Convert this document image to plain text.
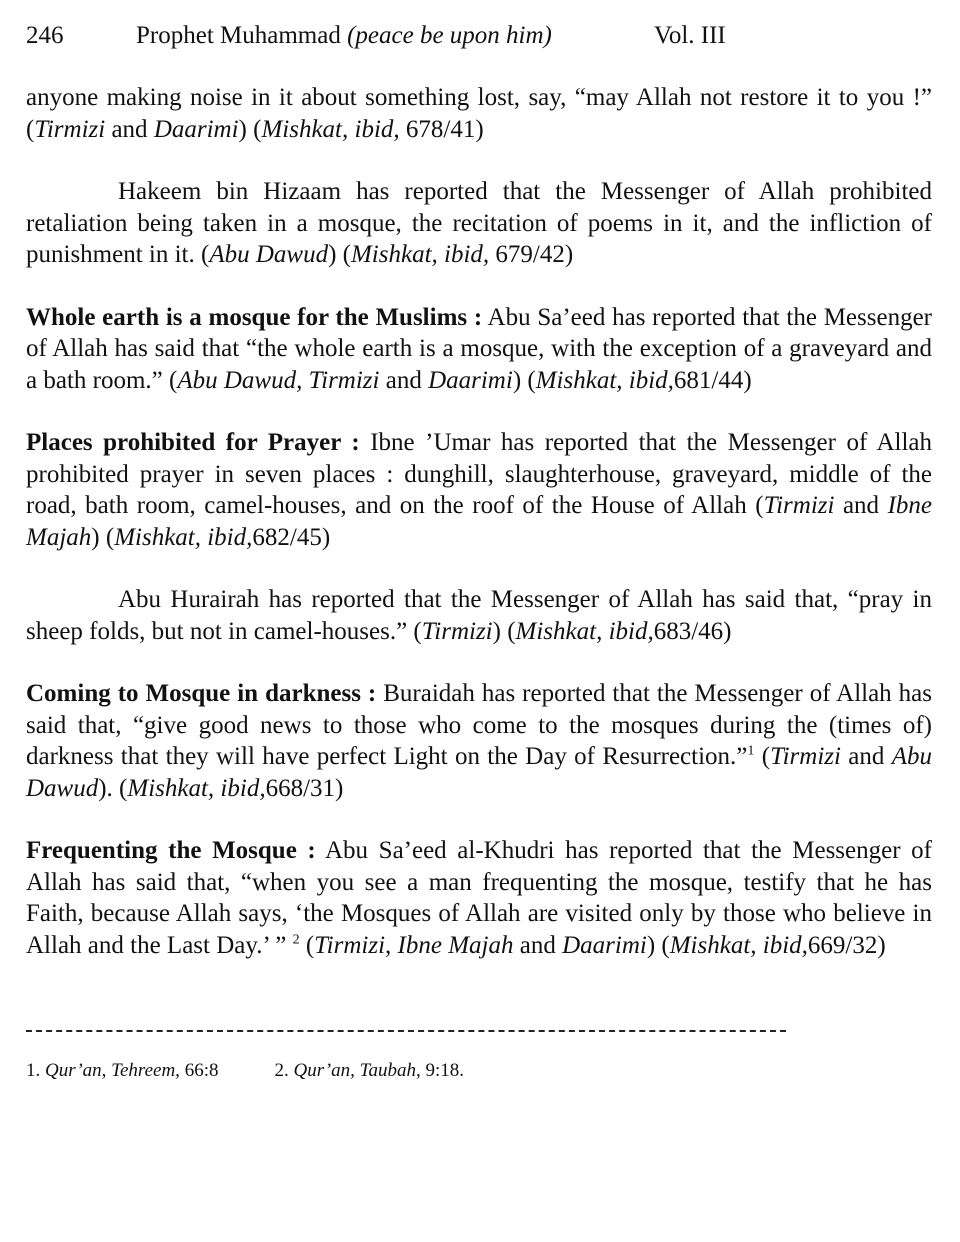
246	Prophet Muhammad (peace be upon him)	Vol. III

anyone making noise in it about something lost, say, “may Allah not restore it to you !” (Tirmizi and Daarimi) (Mishkat, ibid, 678/41)

Hakeem bin Hizaam has reported that the Messenger of Allah prohibited retaliation being taken in a mosque, the recitation of poems in it, and the infliction of punishment in it. (Abu Dawud) (Mishkat, ibid, 679/42)

Whole earth is a mosque for the Muslims : Abu Sa’eed has reported that the Messenger of Allah has said that “the whole earth is a mosque, with the exception of a graveyard and a bath room.” (Abu Dawud, Tirmizi and Daarimi) (Mishkat, ibid,681/44)

Places prohibited for Prayer : Ibne ’Umar has reported that the Messenger of Allah prohibited prayer in seven places : dunghill, slaughterhouse, graveyard, middle of the road, bath room, camel-houses, and on the roof of the House of Allah (Tirmizi and Ibne Majah) (Mishkat, ibid,682/45)

Abu Hurairah has reported that the Messenger of Allah has said that, “pray in sheep folds, but not in camel-houses.” (Tirmizi) (Mishkat, ibid,683/46)

Coming to Mosque in darkness : Buraidah has reported that the Messenger of Allah has said that, “give good news to those who come to the mosques during the (times of) darkness that they will have perfect Light on the Day of Resurrection.”$^1$ (Tirmizi and Abu Dawud). (Mishkat, ibid,668/31)

Frequenting the Mosque : Abu Sa’eed al-Khudri has reported that the Messenger of Allah has said that, “when you see a man frequenting the mosque, testify that he has Faith, because Allah says, ‘the Mosques of Allah are visited only by those who believe in Allah and the Last Day.’ ” $^2$ (Tirmizi, Ibne Majah and Daarimi) (Mishkat, ibid,669/32)

1. Qur’an, Tehreem, 66:8	2. Qur’an, Taubah, 9:18.
